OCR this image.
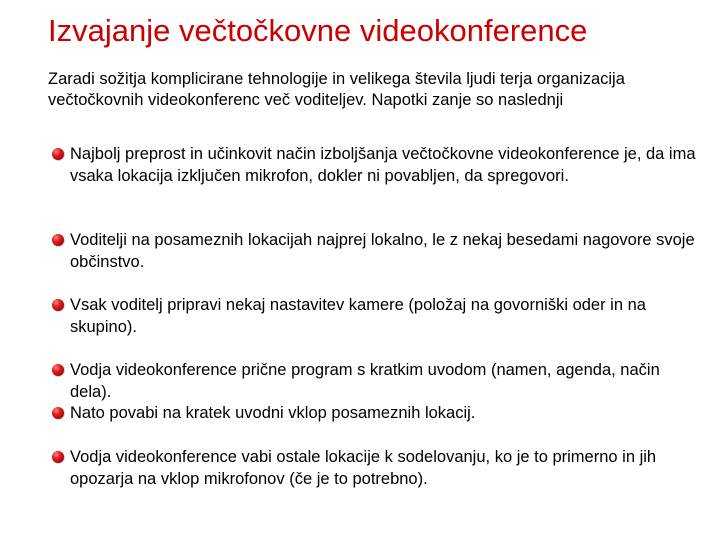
Izvajanje večtočkovne videokonference
Zaradi sožitja komplicirane tehnologije in velikega števila ljudi terja organizacija večtočkovnih videokonferenc več voditeljev. Napotki zanje so naslednji
Najbolj preprost in učinkovit način izboljšanja večtočkovne videokonference je, da ima vsaka lokacija izključen mikrofon, dokler ni povabljen, da spregovori.
Voditelji na posameznih lokacijah najprej lokalno, le z nekaj besedami nagovore svoje občinstvo.
Vsak voditelj pripravi nekaj nastavitev kamere (položaj na govorniški oder in na skupino).
Vodja videokonference prične program s kratkim uvodom (namen, agenda, način dela).
Nato povabi na kratek uvodni vklop posameznih lokacij.
Vodja videokonference vabi ostale lokacije k sodelovanju, ko je to primerno in jih opozarja na vklop mikrofonov (če je to potrebno).
